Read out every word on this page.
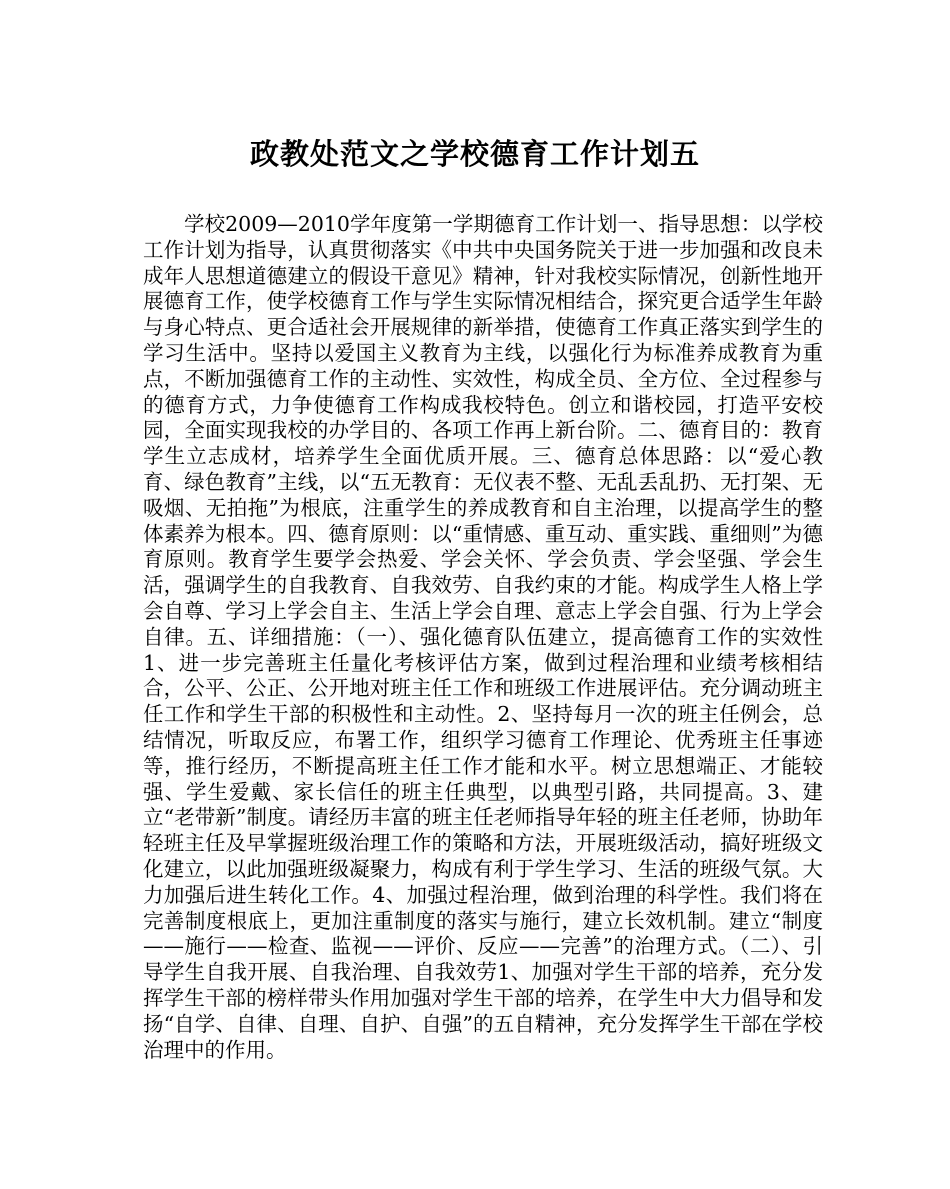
政教处范文之学校德育工作计划五

学校2009—2010学年度第一学期德育工作计划一、指导思想：以学校工作计划为指导，认真贯彻落实《中共中央国务院关于进一步加强和改良未成年人思想道德建立的假设干意见》精神，针对我校实际情况，创新性地开展德育工作，使学校德育工作与学生实际情况相结合，探究更合适学生年龄与身心特点、更合适社会开展规律的新举措，使德育工作真正落实到学生的学习生活中。坚持以爱国主义教育为主线，以强化行为标准养成教育为重点，不断加强德育工作的主动性、实效性，构成全员、全方位、全过程参与的德育方式，力争使德育工作构成我校特色。创立和谐校园，打造平安校园，全面实现我校的办学目的、各项工作再上新台阶。二、德育目的：教育学生立志成材，培养学生全面优质开展。三、德育总体思路：以“爱心教育、绿色教育”主线，以“五无教育：无仪表不整、无乱丢乱扔、无打架、无吸烟、无拍拖”为根底，注重学生的养成教育和自主治理，以提高学生的整体素养为根本。四、德育原则：以“重情感、重互动、重实践、重细则”为德育原则。教育学生要学会热爱、学会关怀、学会负责、学会坚强、学会生活，强调学生的自我教育、自我效劳、自我约束的才能。构成学生人格上学会自尊、学习上学会自主、生活上学会自理、意志上学会自强、行为上学会自律。五、详细措施：（一）、强化德育队伍建立，提高德育工作的实效性1、进一步完善班主任量化考核评估方案，做到过程治理和业绩考核相结合，公平、公正、公开地对班主任工作和班级工作进展评估。充分调动班主任工作和学生干部的积极性和主动性。2、坚持每月一次的班主任例会，总结情况，听取反应，布署工作，组织学习德育工作理论、优秀班主任事迹等，推行经历，不断提高班主任工作才能和水平。树立思想端正、才能较强、学生爱戴、家长信任的班主任典型，以典型引路，共同提高。3、建立“老带新”制度。请经历丰富的班主任老师指导年轻的班主任老师，协助年轻班主任及早掌握班级治理工作的策略和方法，开展班级活动，搞好班级文化建立，以此加强班级凝聚力，构成有利于学生学习、生活的班级气氛。大力加强后进生转化工作。4、加强过程治理，做到治理的科学性。我们将在完善制度根底上，更加注重制度的落实与施行，建立长效机制。建立“制度——施行——检查、监视——评价、反应——完善”的治理方式。（二）、引导学生自我开展、自我治理、自我效劳1、加强对学生干部的培养，充分发挥学生干部的榜样带头作用加强对学生干部的培养，在学生中大力倡导和发扬“自学、自律、自理、自护、自强”的五自精神，充分发挥学生干部在学校治理中的作用。
